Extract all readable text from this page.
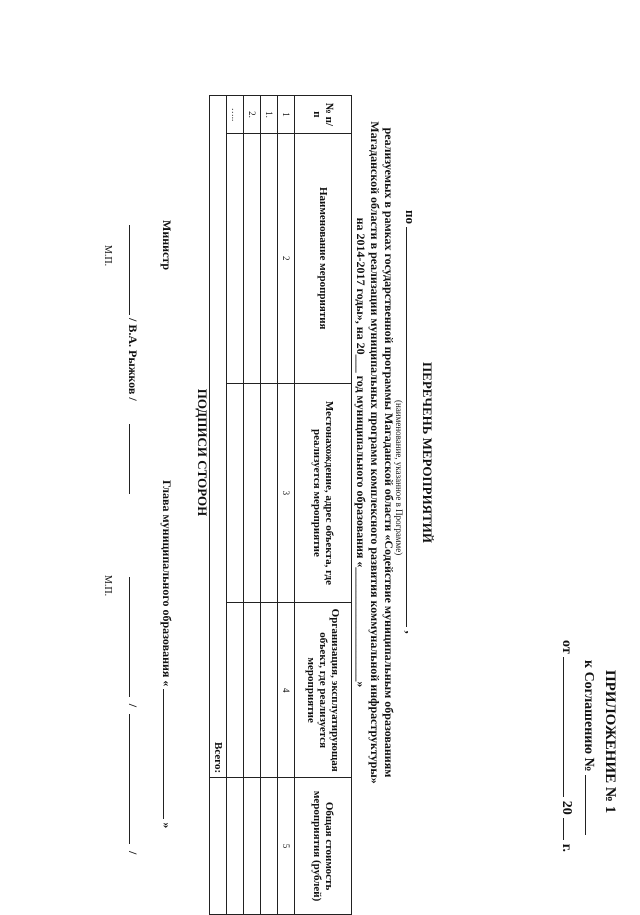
ПРИЛОЖЕНИЕ № 1
к Соглашению №
от  20  г.
ПЕРЕЧЕНЬ МЕРОПРИЯТИЙ
по  ,
(наименование, указанное в Программе)
реализуемых в рамках государственной программы Магаданской области «Содействие муниципальным образованиям
Магаданской области в реализации муниципальных программ комплексного развития коммунальной инфраструктуры»
на 2014-2017 годы», на 20___ год муниципального образования «___________________»
№ п/п	Наименование мероприятия	Местонахождение, адрес объекта, где реализуется мероприятие	Организация, эксплуатирующая объект, где реализуется мероприятие	Общая стоимость мероприятия (рублей)
1	2	3	4	5
1.				
2.				
…..				
Всего:				
ПОДПИСИ СТОРОН
Министр
Глава муниципального образования «  »
/ В.А. Рыжков /   /  /
М.П.
М.П.
